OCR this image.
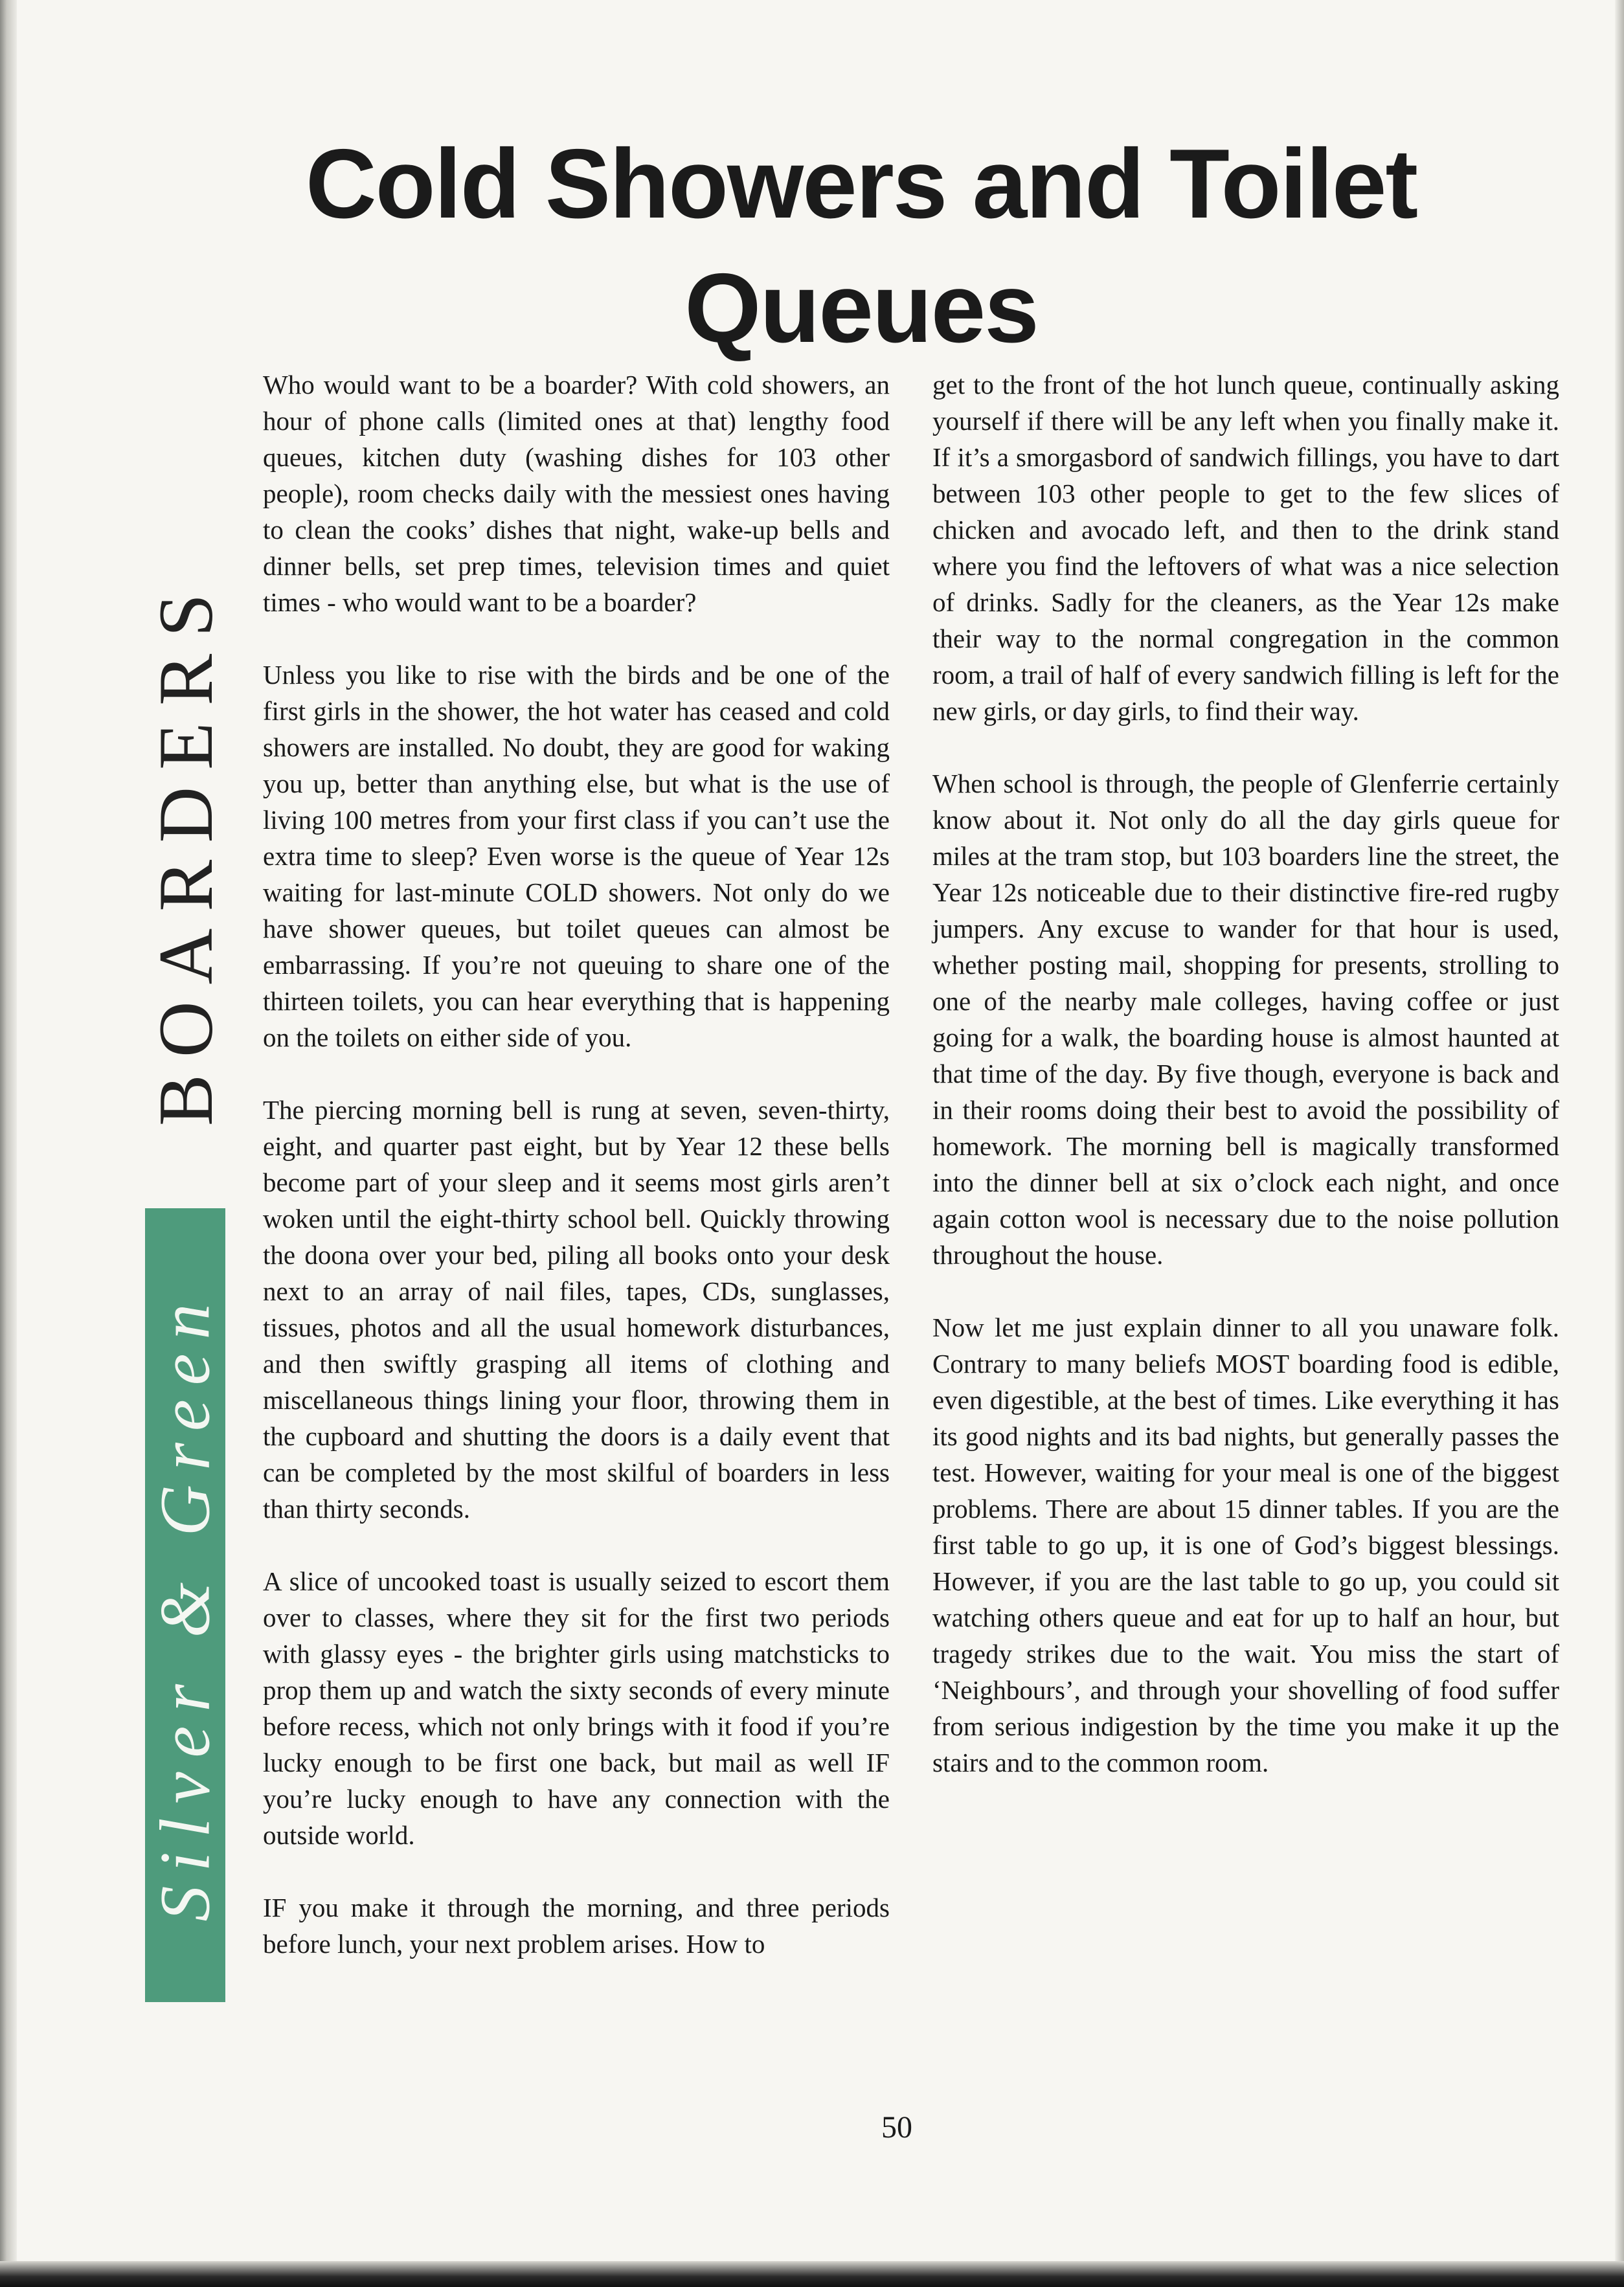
Cold Showers and Toilet Queues
BOARDERS
Silver & Green

Who would want to be a boarder? With cold showers, an hour of phone calls (limited ones at that) lengthy food queues, kitchen duty (washing dishes for 103 other people), room checks daily with the messiest ones having to clean the cooks’ dishes that night, wake-up bells and dinner bells, set prep times, television times and quiet times - who would want to be a boarder?

Unless you like to rise with the birds and be one of the first girls in the shower, the hot water has ceased and cold showers are installed. No doubt, they are good for waking you up, better than anything else, but what is the use of living 100 metres from your first class if you can’t use the extra time to sleep? Even worse is the queue of Year 12s waiting for last-minute COLD showers. Not only do we have shower queues, but toilet queues can almost be embarrassing. If you’re not queuing to share one of the thirteen toilets, you can hear everything that is happening on the toilets on either side of you.

The piercing morning bell is rung at seven, seven-thirty, eight, and quarter past eight, but by Year 12 these bells become part of your sleep and it seems most girls aren’t woken until the eight-thirty school bell. Quickly throwing the doona over your bed, piling all books onto your desk next to an array of nail files, tapes, CDs, sunglasses, tissues, photos and all the usual homework disturbances, and then swiftly grasping all items of clothing and miscellaneous things lining your floor, throwing them in the cupboard and shutting the doors is a daily event that can be completed by the most skilful of boarders in less than thirty seconds.

A slice of uncooked toast is usually seized to escort them over to classes, where they sit for the first two periods with glassy eyes - the brighter girls using matchsticks to prop them up and watch the sixty seconds of every minute before recess, which not only brings with it food if you’re lucky enough to be first one back, but mail as well IF you’re lucky enough to have any connection with the outside world.

IF you make it through the morning, and three periods before lunch, your next problem arises. How to

get to the front of the hot lunch queue, continually asking yourself if there will be any left when you finally make it. If it’s a smorgasbord of sandwich fillings, you have to dart between 103 other people to get to the few slices of chicken and avocado left, and then to the drink stand where you find the leftovers of what was a nice selection of drinks. Sadly for the cleaners, as the Year 12s make their way to the normal congregation in the common room, a trail of half of every sandwich filling is left for the new girls, or day girls, to find their way.

When school is through, the people of Glenferrie certainly know about it. Not only do all the day girls queue for miles at the tram stop, but 103 boarders line the street, the Year 12s noticeable due to their distinctive fire-red rugby jumpers. Any excuse to wander for that hour is used, whether posting mail, shopping for presents, strolling to one of the nearby male colleges, having coffee or just going for a walk, the boarding house is almost haunted at that time of the day. By five though, everyone is back and in their rooms doing their best to avoid the possibility of homework. The morning bell is magically transformed into the dinner bell at six o’clock each night, and once again cotton wool is necessary due to the noise pollution throughout the house.

Now let me just explain dinner to all you unaware folk. Contrary to many beliefs MOST boarding food is edible, even digestible, at the best of times. Like everything it has its good nights and its bad nights, but generally passes the test. However, waiting for your meal is one of the biggest problems. There are about 15 dinner tables. If you are the first table to go up, it is one of God’s biggest blessings. However, if you are the last table to go up, you could sit watching others queue and eat for up to half an hour, but tragedy strikes due to the wait. You miss the start of ‘Neighbours’, and through your shovelling of food suffer from serious indigestion by the time you make it up the stairs and to the common room.

50
